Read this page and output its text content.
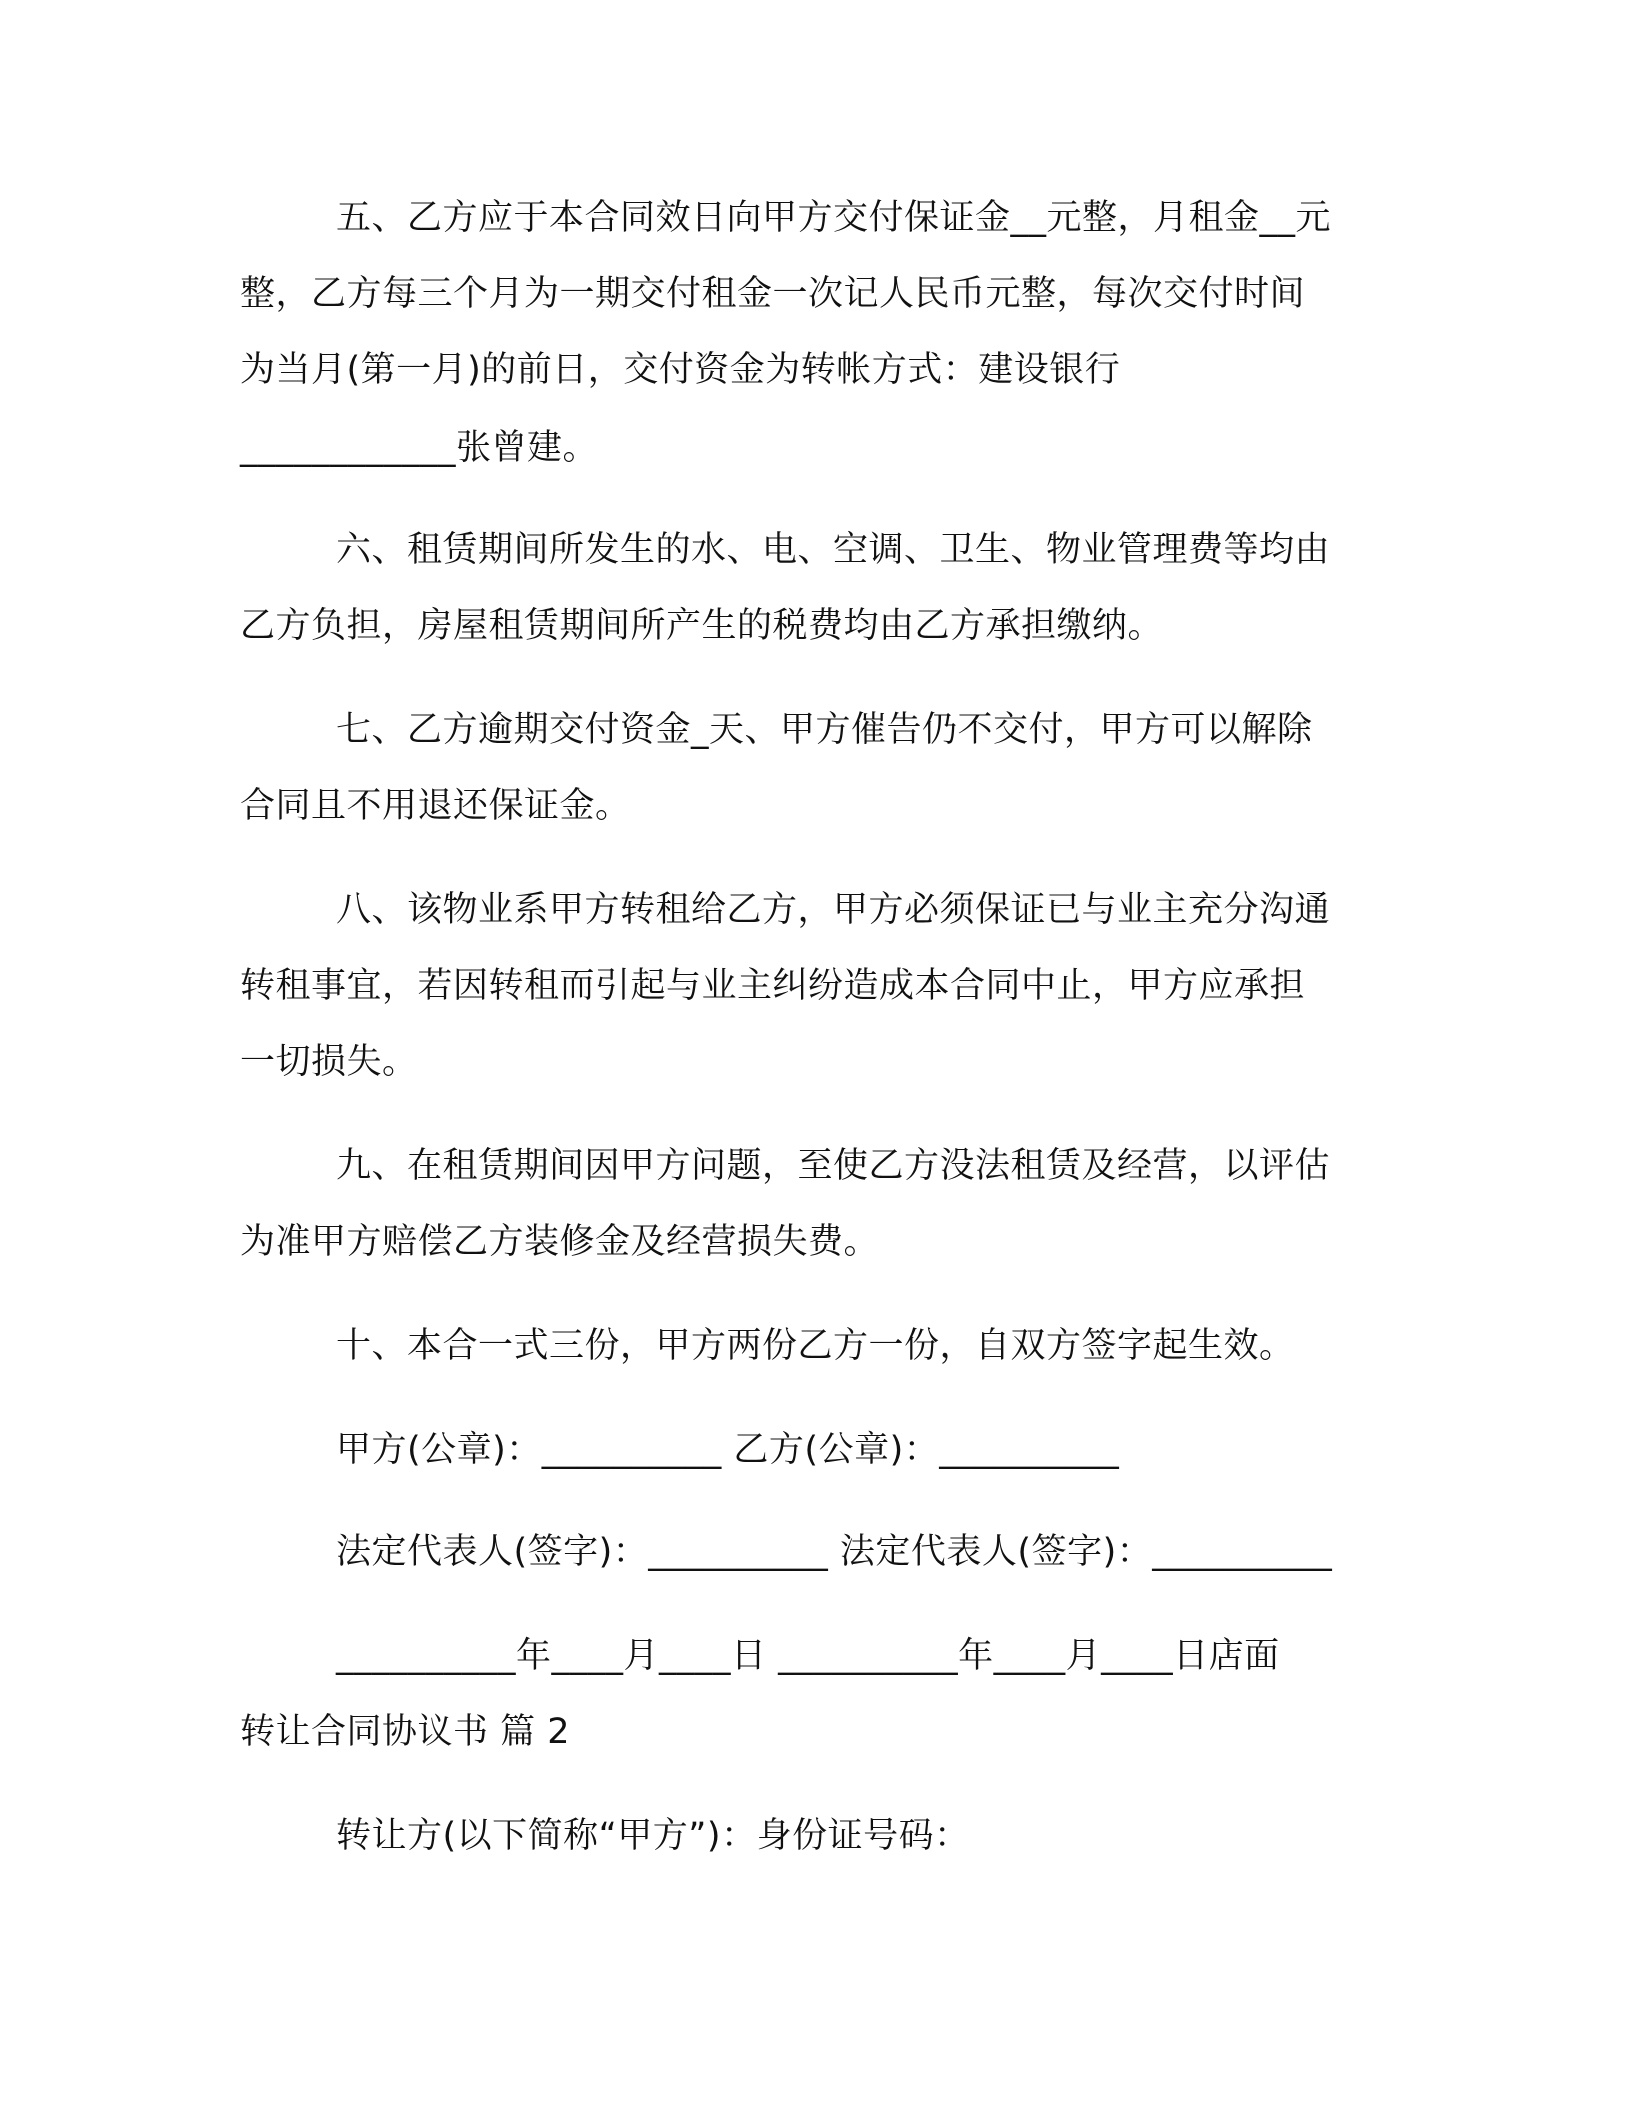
五、乙方应于本合同效日向甲方交付保证金__元整，月租金__元

整，乙方每三个月为一期交付租金一次记人民币元整，每次交付时间

为当月(第一月)的前日，交付资金为转帐方式：建设银行

____________张曾建。

六、租赁期间所发生的水、电、空调、卫生、物业管理费等均由

乙方负担，房屋租赁期间所产生的税费均由乙方承担缴纳。

七、乙方逾期交付资金_天、甲方催告仍不交付，甲方可以解除

合同且不用退还保证金。

八、该物业系甲方转租给乙方，甲方必须保证已与业主充分沟通

转租事宜，若因转租而引起与业主纠纷造成本合同中止，甲方应承担

一切损失。

九、在租赁期间因甲方问题，至使乙方没法租赁及经营，以评估

为准甲方赔偿乙方装修金及经营损失费。

十、本合一式三份，甲方两份乙方一份，自双方签字起生效。

甲方(公章)：__________ 乙方(公章)：__________

法定代表人(签字)：__________ 法定代表人(签字)：__________

__________年____月____日 __________年____月____日店面

转让合同协议书 篇 2

转让方(以下简称“甲方”)：身份证号码：
